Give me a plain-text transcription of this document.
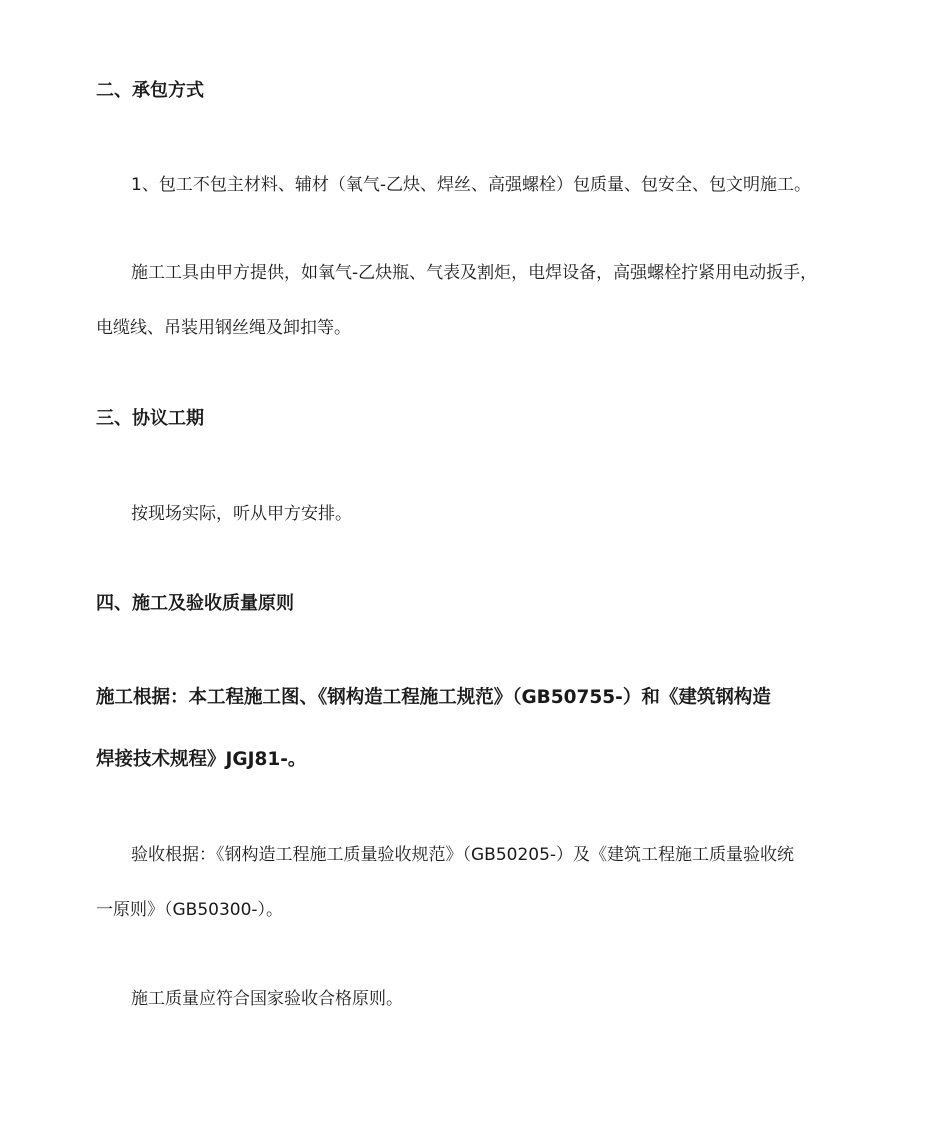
二、承包方式
1、包工不包主材料、辅材（氧气-乙炔、焊丝、高强螺栓）包质量、包安全、包文明施工。
施工工具由甲方提供，如氧气-乙炔瓶、气表及割炬，电焊设备，高强螺栓拧紧用电动扳手，
电缆线、吊装用钢丝绳及卸扣等。
三、协议工期
按现场实际，听从甲方安排。
四、施工及验收质量原则
施工根据：本工程施工图、《钢构造工程施工规范》（GB50755-）和《建筑钢构造
焊接技术规程》JGJ81-。
验收根据：《钢构造工程施工质量验收规范》（GB50205-）及《建筑工程施工质量验收统
一原则》（GB50300-）。
施工质量应符合国家验收合格原则。
